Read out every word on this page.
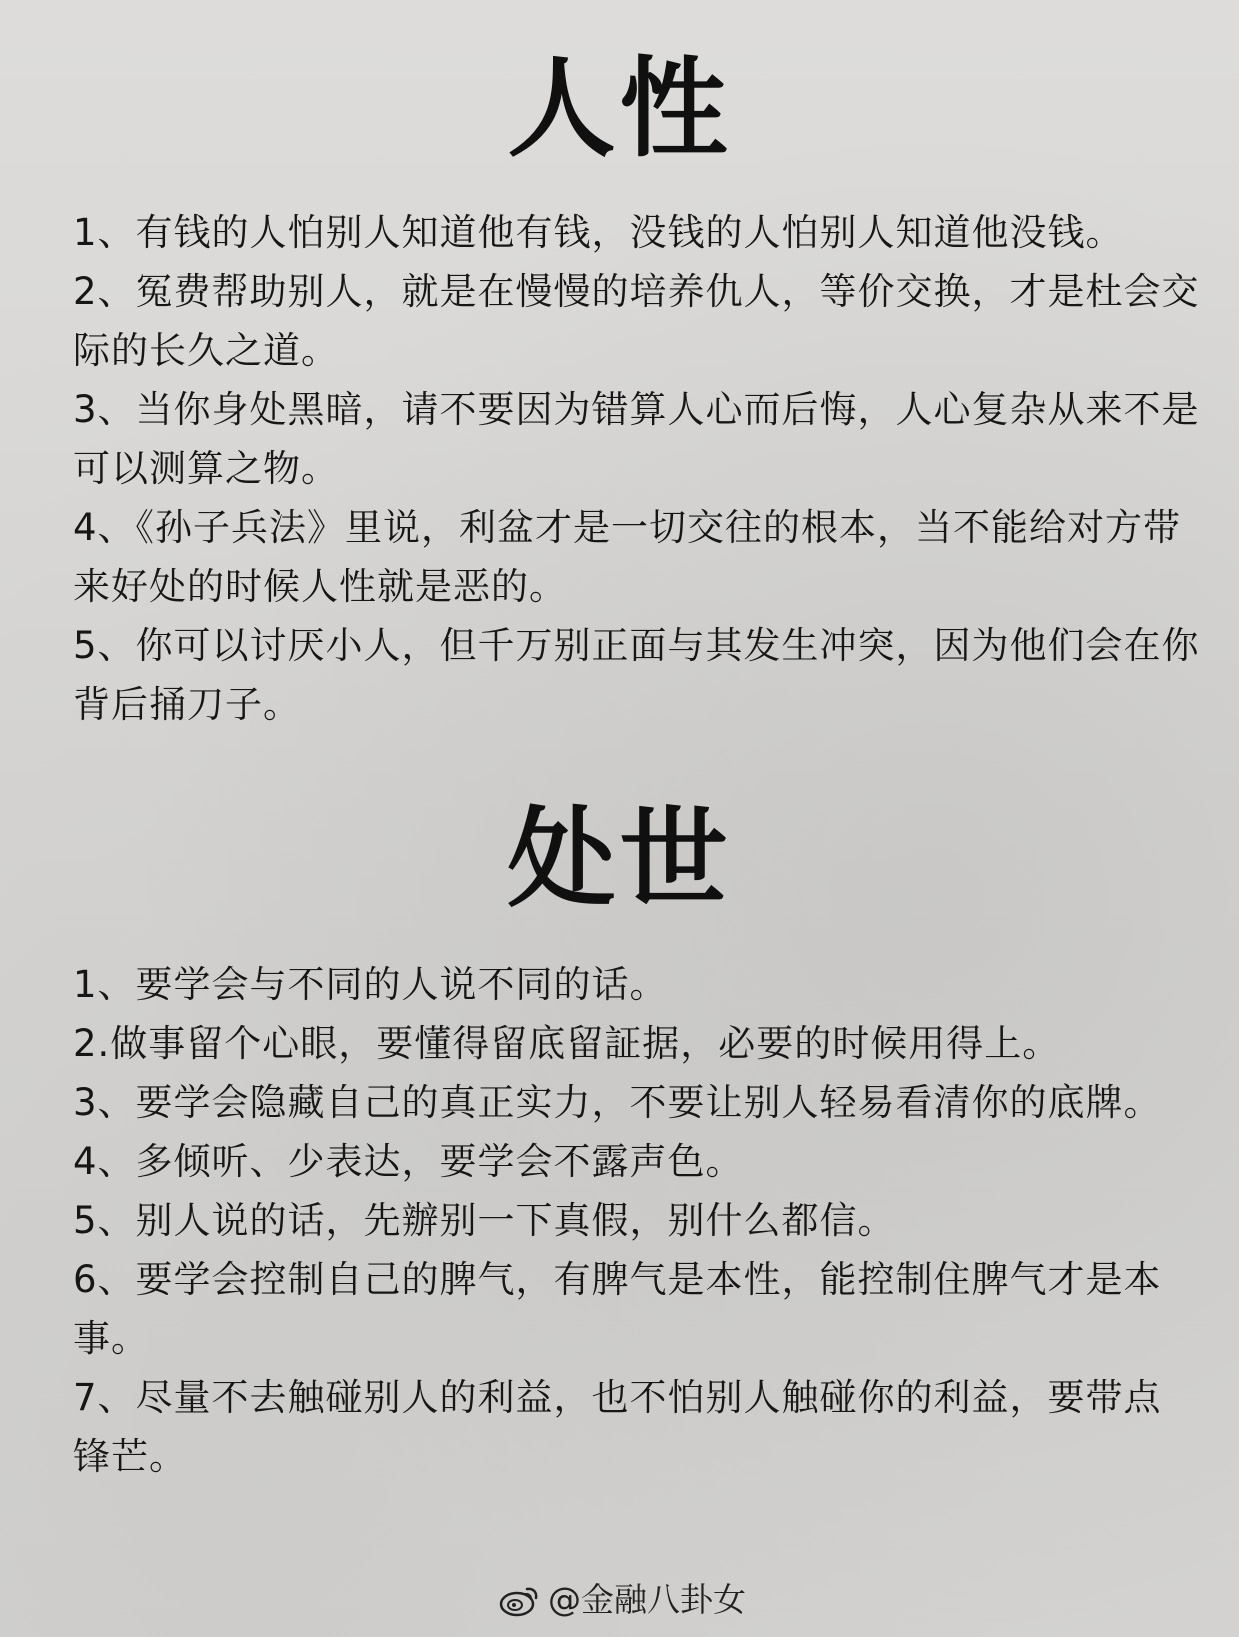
人性
1、有钱的人怕别人知道他有钱，没钱的人怕别人知道他没钱。
2、冤费帮助别人，就是在慢慢的培养仇人，等价交换，才是杜会交际的长久之道。
3、当你身处黑暗，请不要因为错算人心而后悔，人心复杂从来不是可以测算之物。
4、《孙子兵法》里说，利盆才是一切交往的根本，当不能给对方带来好处的时候人性就是恶的。
5、你可以讨厌小人，但千万别正面与其发生冲突，因为他们会在你背后捅刀子。
处世
1、要学会与不同的人说不同的话。
2.做事留个心眼，要懂得留底留証据，必要的时候用得上。
3、要学会隐藏自己的真正实力，不要让别人轻易看清你的底牌。
4、多倾听、少表达，要学会不露声色。
5、别人说的话，先辦别一下真假，别什么都信。
6、要学会控制自己的脾气，有脾气是本性，能控制住脾气才是本事。
7、尽量不去触碰别人的利益，也不怕别人触碰你的利益，要带点锋芒。
@金融八卦女
